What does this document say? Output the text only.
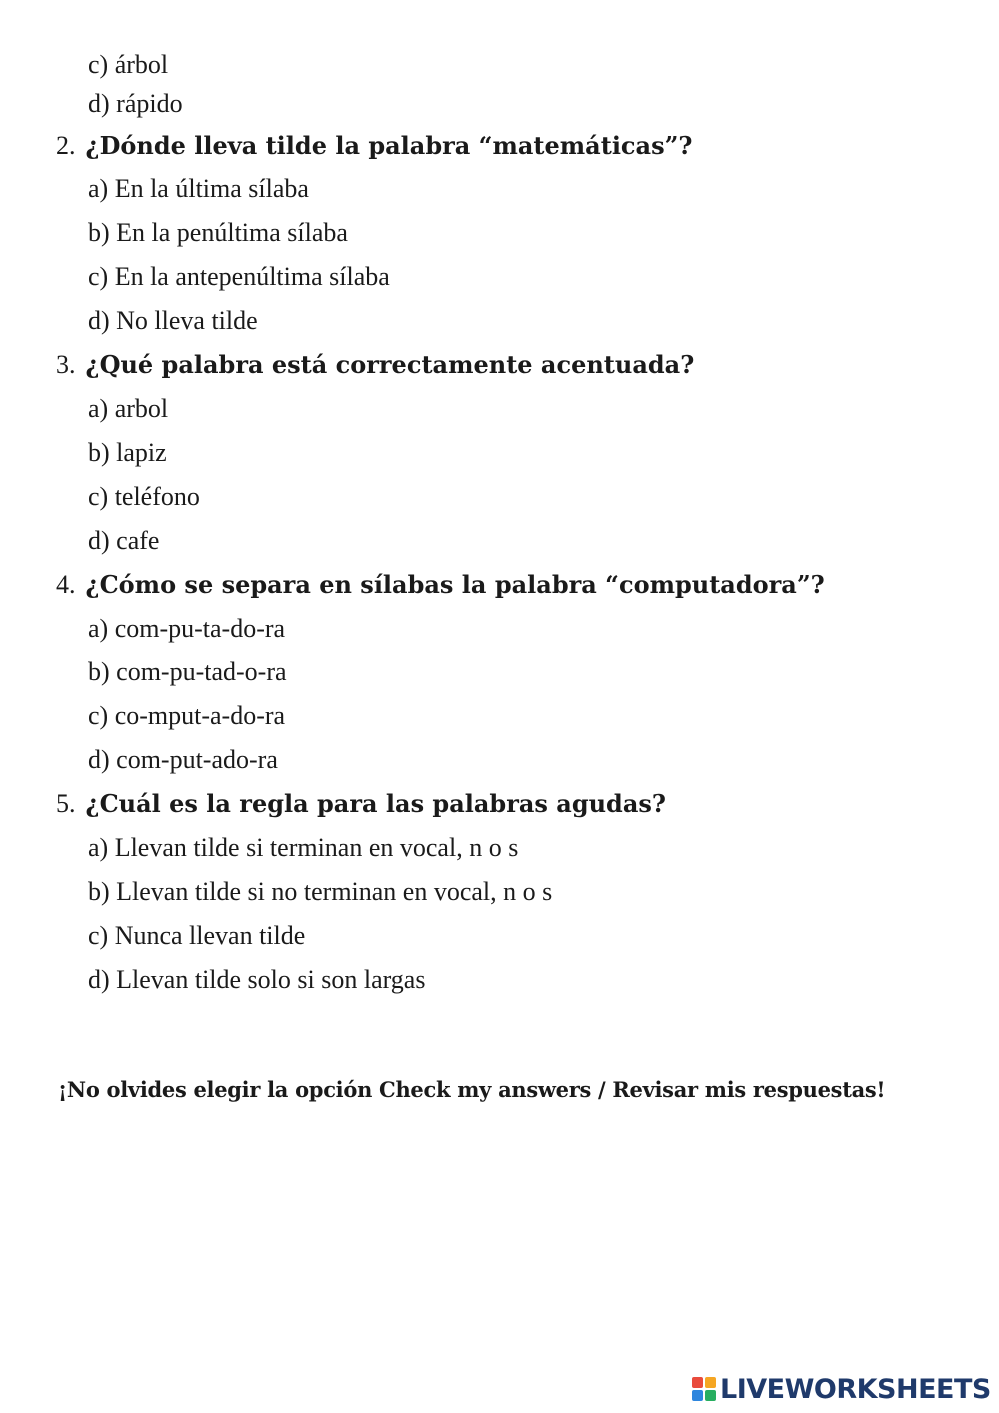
c) árbol
d) rápido
2. ¿Dónde lleva tilde la palabra “matemáticas”?
a) En la última sílaba
b) En la penúltima sílaba
c) En la antepenúltima sílaba
d) No lleva tilde
3. ¿Qué palabra está correctamente acentuada?
a) arbol
b) lapiz
c) teléfono
d) cafe
4. ¿Cómo se separa en sílabas la palabra “computadora”?
a) com-pu-ta-do-ra
b) com-pu-tad-o-ra
c) co-mput-a-do-ra
d) com-put-ado-ra
5. ¿Cuál es la regla para las palabras agudas?
a) Llevan tilde si terminan en vocal, n o s
b) Llevan tilde si no terminan en vocal, n o s
c) Nunca llevan tilde
d) Llevan tilde solo si son largas
¡No olvides elegir la opción Check my answers / Revisar mis respuestas!
LIVEWORKSHEETS
